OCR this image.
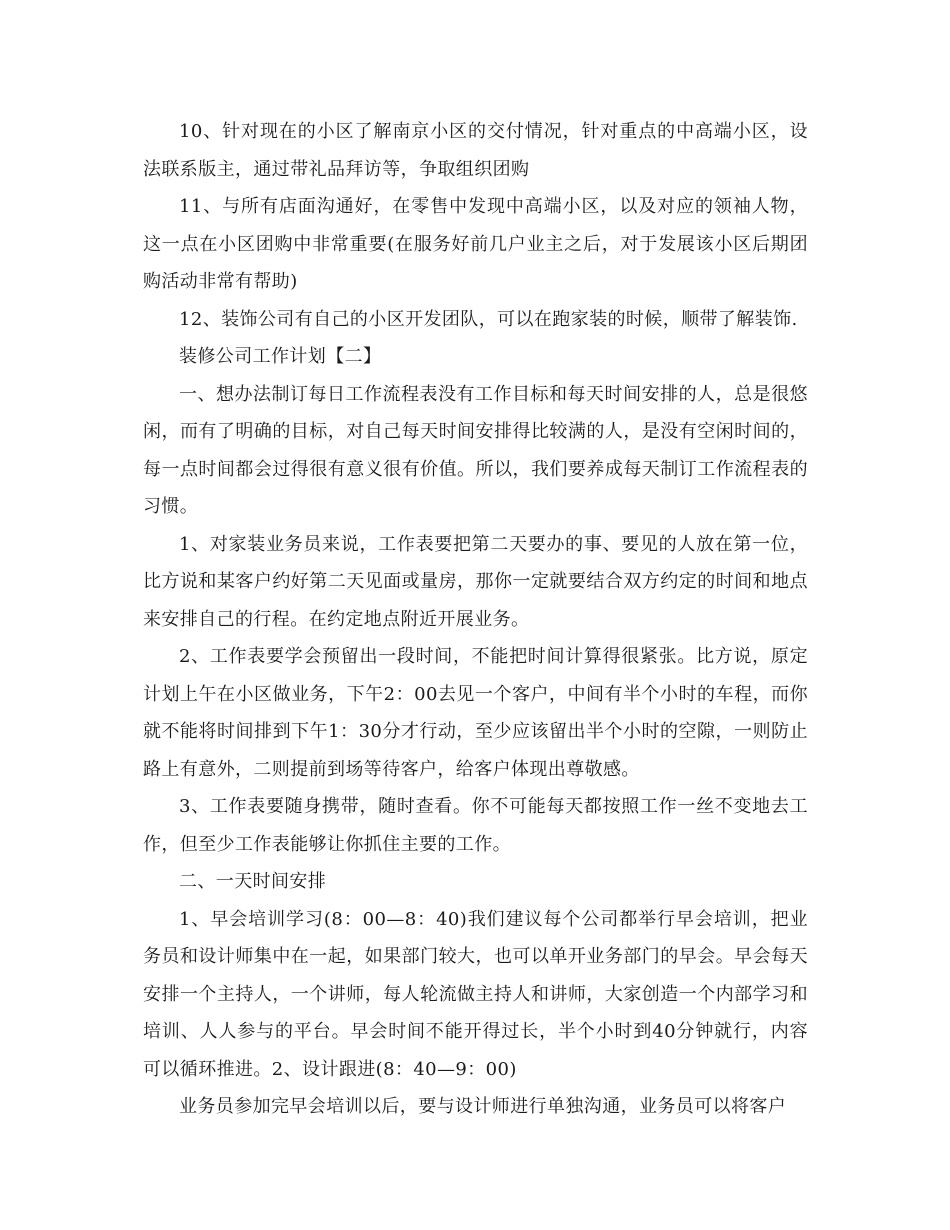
10、针对现在的小区了解南京小区的交付情况，针对重点的中高端小区，设法联系版主，通过带礼品拜访等，争取组织团购

11、与所有店面沟通好，在零售中发现中高端小区，以及对应的领袖人物，这一点在小区团购中非常重要(在服务好前几户业主之后，对于发展该小区后期团购活动非常有帮助)

12、装饰公司有自己的小区开发团队，可以在跑家装的时候，顺带了解装饰.

装修公司工作计划【二】

一、想办法制订每日工作流程表没有工作目标和每天时间安排的人，总是很悠闲，而有了明确的目标，对自己每天时间安排得比较满的人，是没有空闲时间的，每一点时间都会过得很有意义很有价值。所以，我们要养成每天制订工作流程表的习惯。

1、对家装业务员来说，工作表要把第二天要办的事、要见的人放在第一位，比方说和某客户约好第二天见面或量房，那你一定就要结合双方约定的时间和地点来安排自己的行程。在约定地点附近开展业务。

2、工作表要学会预留出一段时间，不能把时间计算得很紧张。比方说，原定计划上午在小区做业务，下午2：00去见一个客户，中间有半个小时的车程，而你就不能将时间排到下午1：30分才行动，至少应该留出半个小时的空隙，一则防止路上有意外，二则提前到场等待客户，给客户体现出尊敬感。

3、工作表要随身携带，随时查看。你不可能每天都按照工作一丝不变地去工作，但至少工作表能够让你抓住主要的工作。

二、一天时间安排

1、早会培训学习(8：00—8：40)我们建议每个公司都举行早会培训，把业务员和设计师集中在一起，如果部门较大，也可以单开业务部门的早会。早会每天安排一个主持人，一个讲师，每人轮流做主持人和讲师，大家创造一个内部学习和培训、人人参与的平台。早会时间不能开得过长，半个小时到40分钟就行，内容可以循环推进。2、设计跟进(8：40—9：00)

业务员参加完早会培训以后，要与设计师进行单独沟通，业务员可以将客户
